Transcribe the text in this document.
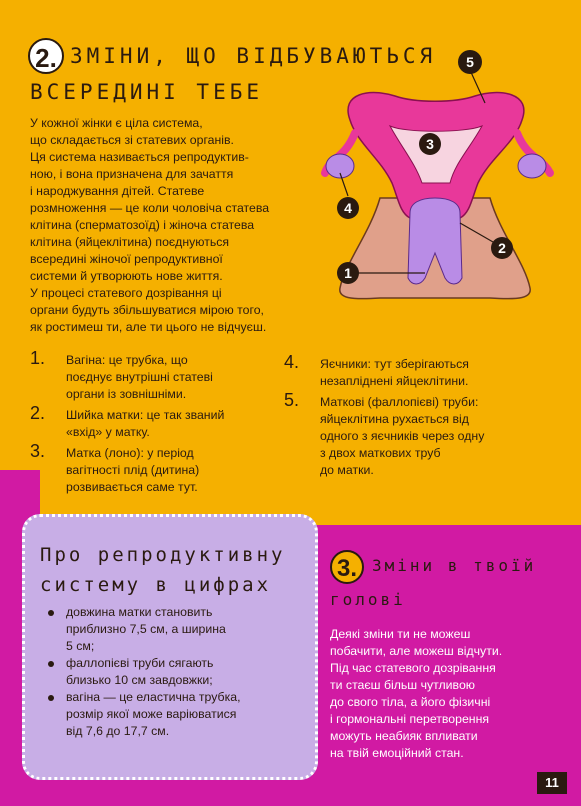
2. ЗМІНИ, ЩО ВІДБУВАЮТЬСЯ
ВСЕРЕДИНІ ТЕБЕ

У кожної жінки є ціла система,

що складається зі статевих органів.

Ця система називається репродуктив-

ною, і вона призначена для зачаття

і народжування дітей. Статеве

розмноження — це коли чоловіча статева

клітина (сперматозоїд) і жіноча статева

клітина (яйцеклітина) поєднуються

всередині жіночої репродуктивної

системи й утворюють нове життя.

У процесі статевого дозрівання ці

органи будуть збільшуватися мірою того,

як ростимеш ти, але ти цього не відчуєш.

5
3
4
2
1
1. Вагіна: це трубка, що
поєднує внутрішні статеві
органи із зовнішніми.
2. Шийка матки: це так званий
«вхід» у матку.
3. Матка (лоно): у період
вагітності плід (дитина)
розвивається саме тут.
4. Яєчники: тут зберігаються
незапліднені яйцеклітини.
5. Маткові (фаллопієві) труби:
яйцеклітина рухається від
одного з яєчників через одну
з двох маткових труб
до матки.
Про репродуктивну
систему в цифрах
довжина матки становить
приблизно 7,5 см, а ширина
5 см;
фаллопієві труби сягають
близько 10 см завдовжки;
вагіна — це еластична трубка,
розмір якої може варіюватися
від 7,6 до 17,7 см.
3. Зміни в твоїй
голові
Деякі зміни ти не можеш
побачити, але можеш відчути.
Під час статевого дозрівання
ти стаєш більш чутливою
до свого тіла, а його фізичні
і гормональні перетворення
можуть неабияк впливати
на твій емоційний стан.
11
